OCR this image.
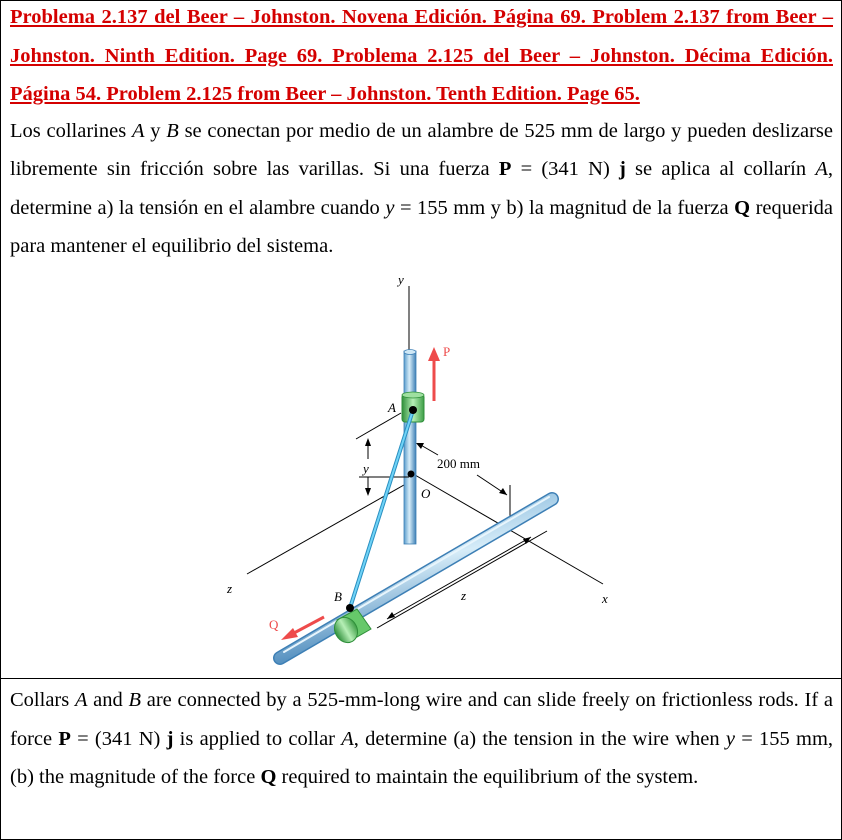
Problema 2.137 del Beer – Johnston. Novena Edición. Página 69. Problem 2.137 from Beer – Johnston. Ninth Edition. Page 69. Problema 2.125 del Beer – Johnston. Décima Edición. Página 54. Problem 2.125 from Beer – Johnston. Tenth Edition. Page 65.

Los collarines A y B se conectan por medio de un alambre de 525 mm de largo y pueden deslizarse libremente sin fricción sobre las varillas. Si una fuerza P = (341 N) j se aplica al collarín A, determine a) la tensión en el alambre cuando y = 155 mm y b) la magnitud de la fuerza Q requerida para mantener el equilibrio del sistema.

y
P
A
y	200 mm
O
z
B	z	x
Q

Collars A and B are connected by a 525-mm-long wire and can slide freely on frictionless rods. If a force P = (341 N) j is applied to collar A, determine (a) the tension in the wire when y = 155 mm, (b) the magnitude of the force Q required to maintain the equilibrium of the system.
